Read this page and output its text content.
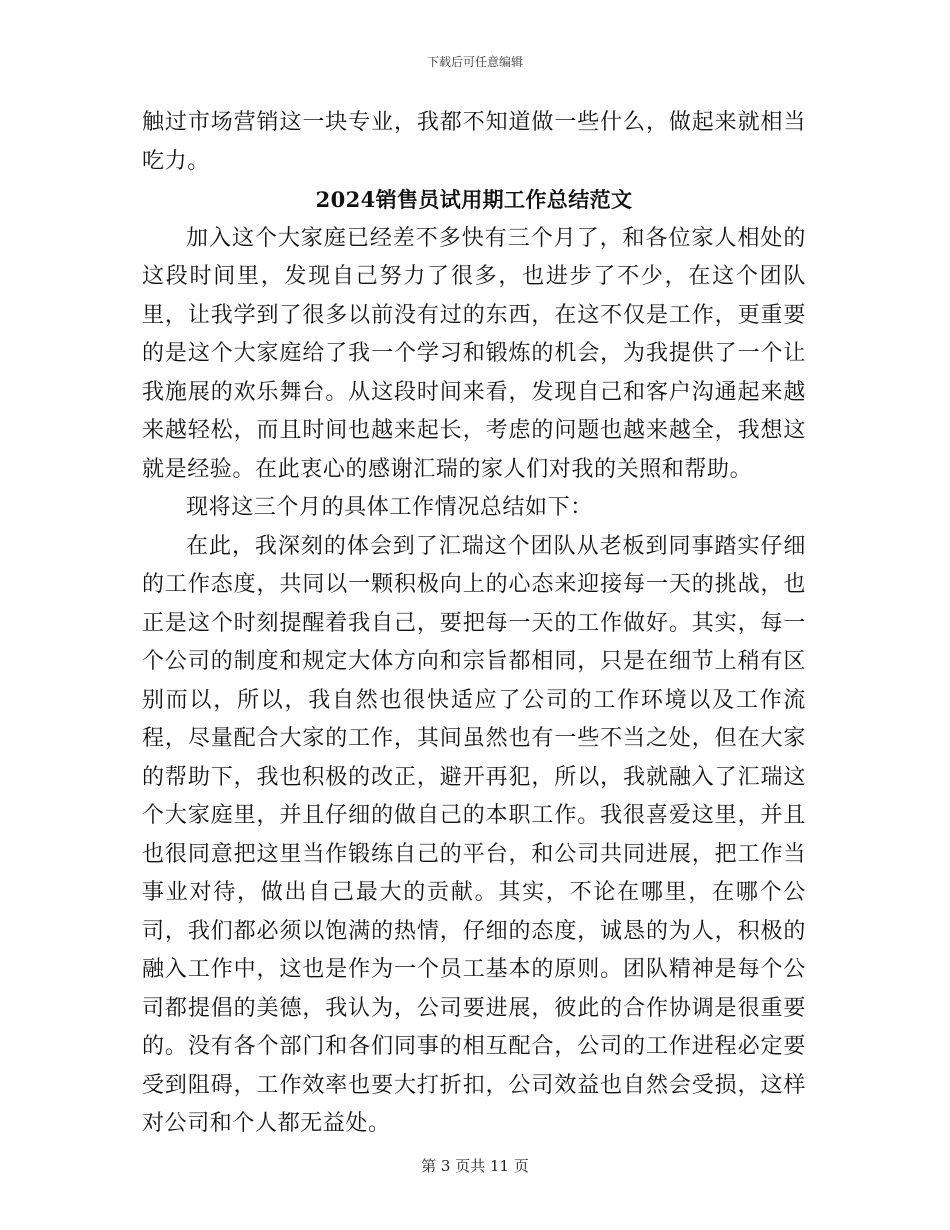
下载后可任意编辑

触过市场营销这一块专业，我都不知道做一些什么，做起来就相当吃力。

2024销售员试用期工作总结范文

加入这个大家庭已经差不多快有三个月了，和各位家人相处的这段时间里，发现自己努力了很多，也进步了不少，在这个团队里，让我学到了很多以前没有过的东西，在这不仅是工作，更重要的是这个大家庭给了我一个学习和锻炼的机会，为我提供了一个让我施展的欢乐舞台。从这段时间来看，发现自己和客户沟通起来越来越轻松，而且时间也越来起长，考虑的问题也越来越全，我想这就是经验。在此衷心的感谢汇瑞的家人们对我的关照和帮助。

现将这三个月的具体工作情况总结如下：

在此，我深刻的体会到了汇瑞这个团队从老板到同事踏实仔细的工作态度，共同以一颗积极向上的心态来迎接每一天的挑战，也正是这个时刻提醒着我自己，要把每一天的工作做好。其实，每一个公司的制度和规定大体方向和宗旨都相同，只是在细节上稍有区别而以，所以，我自然也很快适应了公司的工作环境以及工作流程，尽量配合大家的工作，其间虽然也有一些不当之处，但在大家的帮助下，我也积极的改正，避开再犯，所以，我就融入了汇瑞这个大家庭里，并且仔细的做自己的本职工作。我很喜爱这里，并且也很同意把这里当作锻练自己的平台，和公司共同进展，把工作当事业对待，做出自己最大的贡献。其实，不论在哪里，在哪个公司，我们都必须以饱满的热情，仔细的态度，诚恳的为人，积极的融入工作中，这也是作为一个员工基本的原则。团队精神是每个公司都提倡的美德，我认为，公司要进展，彼此的合作协调是很重要的。没有各个部门和各们同事的相互配合，公司的工作进程必定要受到阻碍，工作效率也要大打折扣，公司效益也自然会受损，这样对公司和个人都无益处。

第 3 页共 11 页
